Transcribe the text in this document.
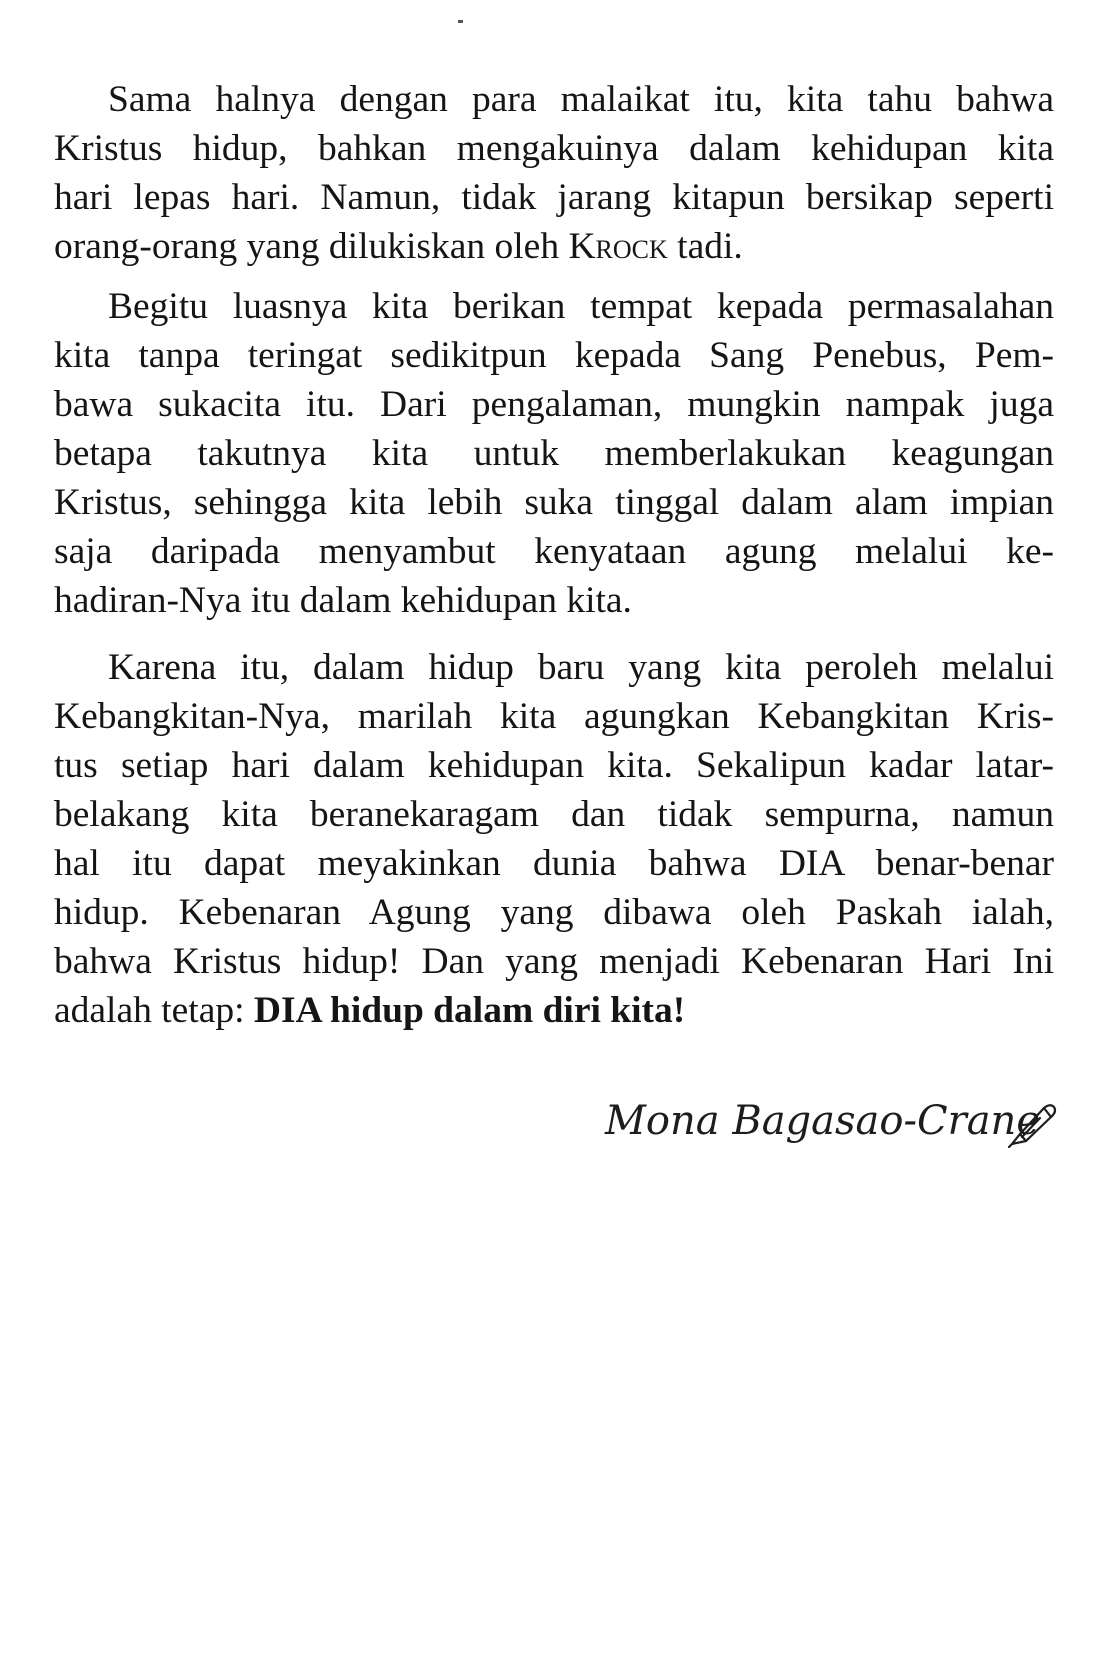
Sama halnya dengan para malaikat itu, kita tahu bahwa
Kristus hidup, bahkan mengakuinya dalam kehidupan kita
hari lepas hari. Namun, tidak jarang kitapun bersikap seperti
orang-orang yang dilukiskan oleh Krock tadi.

Begitu luasnya kita berikan tempat kepada permasalahan
kita tanpa teringat sedikitpun kepada Sang Penebus, Pem-
bawa sukacita itu. Dari pengalaman, mungkin nampak juga
betapa takutnya kita untuk memberlakukan keagungan
Kristus, sehingga kita lebih suka tinggal dalam alam impian
saja daripada menyambut kenyataan agung melalui ke-
hadiran-Nya itu dalam kehidupan kita.

Karena itu, dalam hidup baru yang kita peroleh melalui
Kebangkitan-Nya, marilah kita agungkan Kebangkitan Kris-
tus setiap hari dalam kehidupan kita. Sekalipun kadar latar-
belakang kita beranekaragam dan tidak sempurna, namun
hal itu dapat meyakinkan dunia bahwa DIA benar-benar
hidup. Kebenaran Agung yang dibawa oleh Paskah ialah,
bahwa Kristus hidup! Dan yang menjadi Kebenaran Hari Ini
adalah tetap: DIA hidup dalam diri kita!

Mona Bagasao-Crane
